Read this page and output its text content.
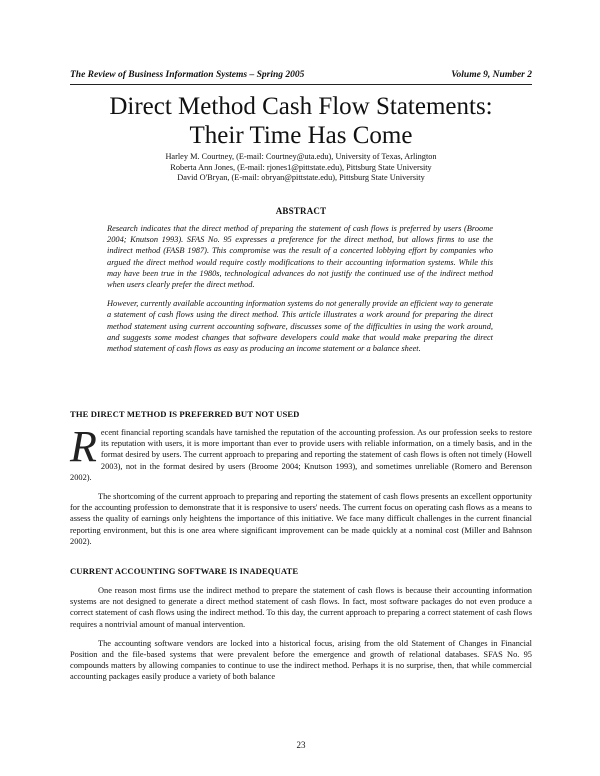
The Review of Business Information Systems – Spring 2005	Volume 9, Number 2
Direct Method Cash Flow Statements:
Their Time Has Come
Harley M. Courtney, (E-mail: Courtney@uta.edu), University of Texas, Arlington
Roberta Ann Jones, (E-mail: rjones1@pittstate.edu), Pittsburg State University
David O'Bryan, (E-mail: obryan@pittstate.edu), Pittsburg State University
ABSTRACT

Research indicates that the direct method of preparing the statement of cash flows is preferred by users (Broome 2004; Knutson 1993). SFAS No. 95 expresses a preference for the direct method, but allows firms to use the indirect method (FASB 1987). This compromise was the result of a concerted lobbying effort by companies who argued the direct method would require costly modifications to their accounting information systems. While this may have been true in the 1980s, technological advances do not justify the continued use of the indirect method when users clearly prefer the direct method.

However, currently available accounting information systems do not generally provide an efficient way to generate a statement of cash flows using the direct method. This article illustrates a work around for preparing the direct method statement using current accounting software, discusses some of the difficulties in using the work around, and suggests some modest changes that software developers could make that would make preparing the direct method statement of cash flows as easy as producing an income statement or a balance sheet.

THE DIRECT METHOD IS PREFERRED BUT NOT USED

Recent financial reporting scandals have tarnished the reputation of the accounting profession. As our profession seeks to restore its reputation with users, it is more important than ever to provide users with reliable information, on a timely basis, and in the format desired by users. The current approach to preparing and reporting the statement of cash flows is often not timely (Howell 2003), not in the format desired by users (Broome 2004; Knutson 1993), and sometimes unreliable (Romero and Berenson 2002).

The shortcoming of the current approach to preparing and reporting the statement of cash flows presents an excellent opportunity for the accounting profession to demonstrate that it is responsive to users' needs. The current focus on operating cash flows as a means to assess the quality of earnings only heightens the importance of this initiative. We face many difficult challenges in the current financial reporting environment, but this is one area where significant improvement can be made quickly at a nominal cost (Miller and Bahnson 2002).

CURRENT ACCOUNTING SOFTWARE IS INADEQUATE

One reason most firms use the indirect method to prepare the statement of cash flows is because their accounting information systems are not designed to generate a direct method statement of cash flows. In fact, most software packages do not even produce a correct statement of cash flows using the indirect method. To this day, the current approach to preparing a correct statement of cash flows requires a nontrivial amount of manual intervention.

The accounting software vendors are locked into a historical focus, arising from the old Statement of Changes in Financial Position and the file-based systems that were prevalent before the emergence and growth of relational databases. SFAS No. 95 compounds matters by allowing companies to continue to use the indirect method. Perhaps it is no surprise, then, that while commercial accounting packages easily produce a variety of both balance

23
